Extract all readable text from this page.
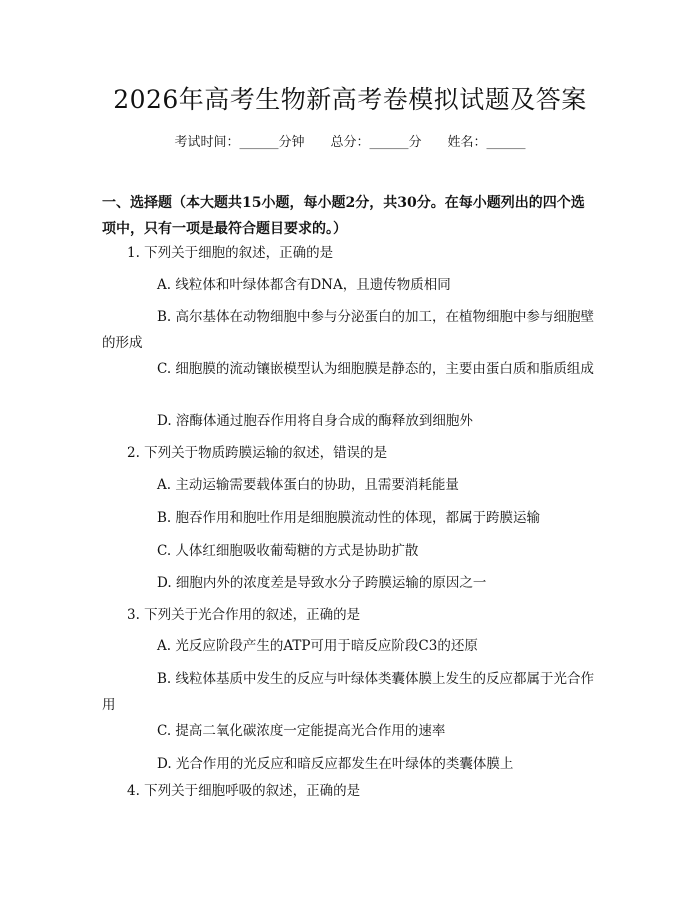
2026年高考生物新高考卷模拟试题及答案
考试时间：______分钟 总分：______分 姓名：______
一、选择题（本大题共15小题，每小题2分，共30分。在每小题列出的四个选项中，只有一项是最符合题目要求的。）
1. 下列关于细胞的叙述，正确的是
A. 线粒体和叶绿体都含有DNA，且遗传物质相同
B. 高尔基体在动物细胞中参与分泌蛋白的加工，在植物细胞中参与细胞壁的形成
C. 细胞膜的流动镶嵌模型认为细胞膜是静态的，主要由蛋白质和脂质组成
D. 溶酶体通过胞吞作用将自身合成的酶释放到细胞外
2. 下列关于物质跨膜运输的叙述，错误的是
A. 主动运输需要载体蛋白的协助，且需要消耗能量
B. 胞吞作用和胞吐作用是细胞膜流动性的体现，都属于跨膜运输
C. 人体红细胞吸收葡萄糖的方式是协助扩散
D. 细胞内外的浓度差是导致水分子跨膜运输的原因之一
3. 下列关于光合作用的叙述，正确的是
A. 光反应阶段产生的ATP可用于暗反应阶段C3的还原
B. 线粒体基质中发生的反应与叶绿体类囊体膜上发生的反应都属于光合作用
C. 提高二氧化碳浓度一定能提高光合作用的速率
D. 光合作用的光反应和暗反应都发生在叶绿体的类囊体膜上
4. 下列关于细胞呼吸的叙述，正确的是
